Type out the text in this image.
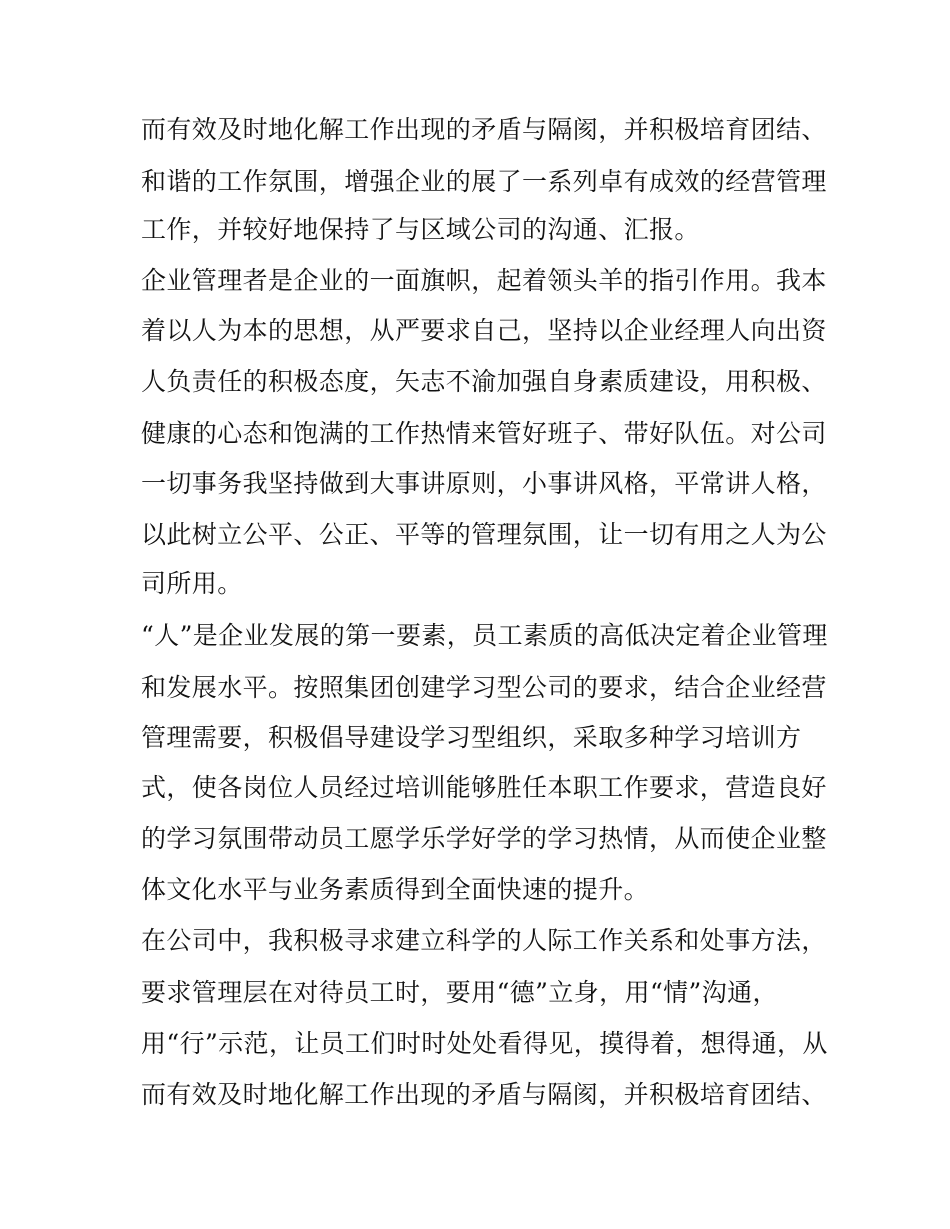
而有效及时地化解工作出现的矛盾与隔阂，并积极培育团结、
和谐的工作氛围，增强企业的展了一系列卓有成效的经营管理
工作，并较好地保持了与区域公司的沟通、汇报。
企业管理者是企业的一面旗帜，起着领头羊的指引作用。我本
着以人为本的思想，从严要求自己，坚持以企业经理人向出资
人负责任的积极态度，矢志不渝加强自身素质建设，用积极、
健康的心态和饱满的工作热情来管好班子、带好队伍。对公司
一切事务我坚持做到大事讲原则，小事讲风格，平常讲人格，
以此树立公平、公正、平等的管理氛围，让一切有用之人为公
司所用。
“人”是企业发展的第一要素，员工素质的高低决定着企业管理
和发展水平。按照集团创建学习型公司的要求，结合企业经营
管理需要，积极倡导建设学习型组织，采取多种学习培训方
式，使各岗位人员经过培训能够胜任本职工作要求，营造良好
的学习氛围带动员工愿学乐学好学的学习热情，从而使企业整
体文化水平与业务素质得到全面快速的提升。
在公司中，我积极寻求建立科学的人际工作关系和处事方法，
要求管理层在对待员工时，要用“德”立身，用“情”沟通，
用“行”示范，让员工们时时处处看得见，摸得着，想得通，从
而有效及时地化解工作出现的矛盾与隔阂，并积极培育团结、
